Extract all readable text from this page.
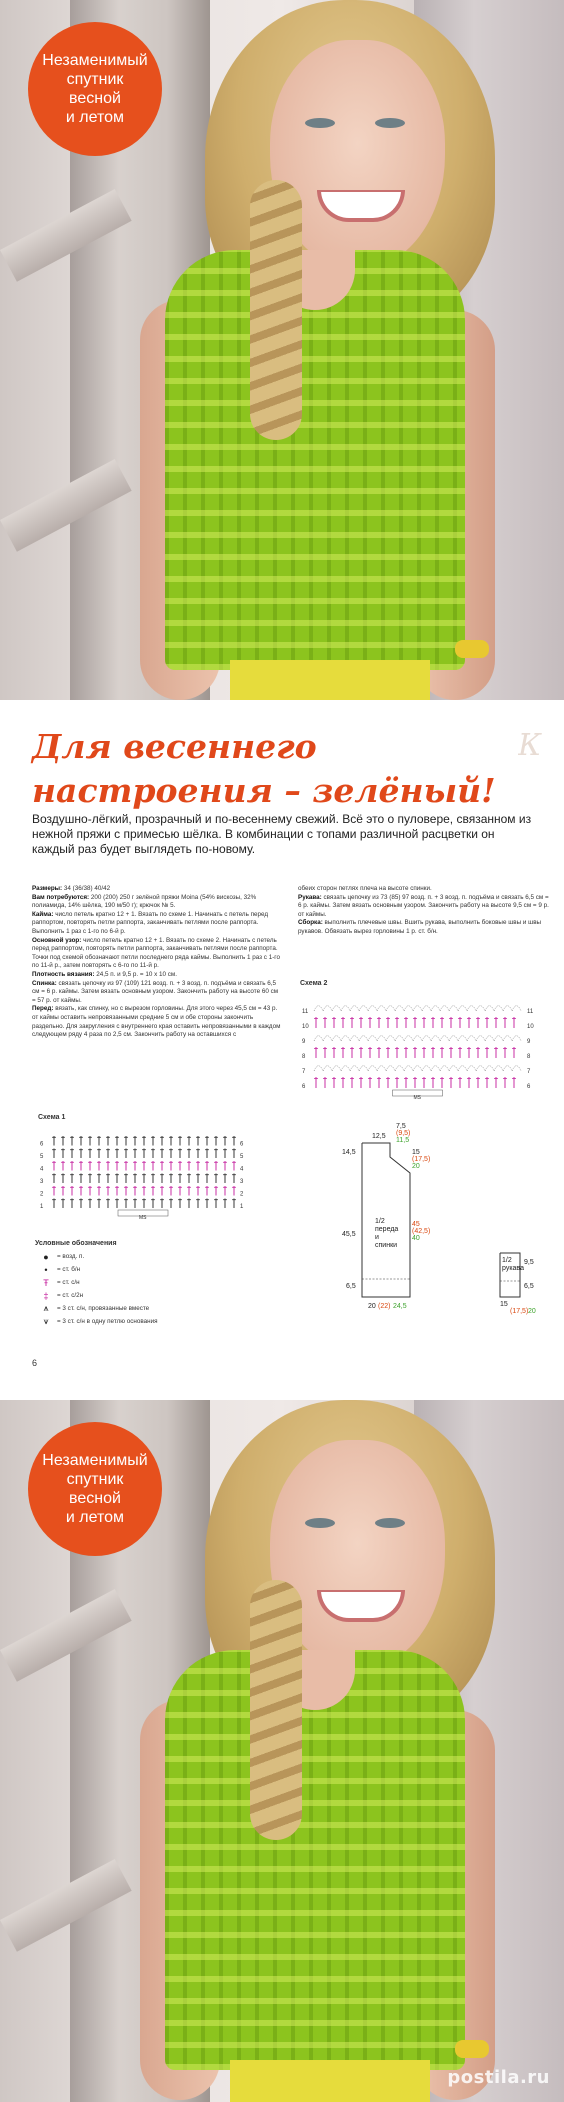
Незаменимый
спутник
весной
и летом
Для весеннего
настроения – зелёный!
К
Воздушно-лёгкий, прозрачный и по-весеннему свежий. Всё это о пуловере, связанном из нежной пряжи с примесью шёлка. В комбинации с топами различной расцветки он каждый раз будет выглядеть по-новому.

Размеры: 34 (36/38) 40/42

Вам потребуются: 200 (200) 250 г зелёной пряжи Moina (54% вискозы, 32% полиамида, 14% шёлка, 190 м/50 г); крючок № 5.

Кайма: число петель кратно 12 + 1. Вязать по схеме 1. Начинать с петель перед раппортом, повторять петли раппорта, заканчивать петлями после раппорта. Выполнить 1 раз с 1-го по 6-й р.

Основной узор: число петель кратно 12 + 1. Вязать по схеме 2. Начинать с петель перед раппортом, повторять петли раппорта, заканчивать петлями после раппорта. Точки под схемой обозначают петли последнего ряда каймы. Выполнить 1 раз с 1-го по 11-й р., затем повторять с 6-го по 11-й р.

Плотность вязания: 24,5 п. и 9,5 р. = 10 х 10 см.

Спинка: связать цепочку из 97 (109) 121 возд. п. + 3 возд. п. подъёма и связать 6,5 см = 6 р. каймы. Затем вязать основным узором. Закончить работу на высоте 60 см = 57 р. от каймы.

Перед: вязать, как спинку, но с вырезом горловины. Для этого через 45,5 см = 43 р. от каймы оставить непровязанными средние 5 см и обе стороны закончить раздельно. Для закругления с внутреннего края оставить непровязанными в каждом следующем ряду 4 раза по 2,5 см. Закончить работу на оставшихся с

обеих сторон петлях плеча на высоте спинки.

Рукава: связать цепочку из 73 (85) 97 возд. п. + 3 возд. п. подъёма и связать 6,5 см = 6 р. каймы. Затем вязать основным узором. Закончить работу на высоте 9,5 см = 9 р. от каймы.

Сборка: выполнить плечевые швы. Вшить рукава, выполнить боковые швы и швы рукавов. Обвязать вырез горловины 1 р. ст. б/н.

Схема 2
6	6
7	7
8	8
9	9
10	10
11	11
MS
Схема 1
1	1
2	2
3	3
4	4
5	5
6	6
MS
Условные обозначения
●	= возд. п.
•	= ст. б/н
Ŧ	= ст. с/н
‡	= ст. с/2н
⩚	= 3 ст. с/н, провязанные вместе
⩛	= 3 ст. с/н в одну петлю основания
7,5
(9,5)
11,5
12,5
14,5	15
(17,5)
20
45,5
45
(42,5)
40
1/2
переда
и
спинки
6,5
20 (22) 24,5
1/2
рукава
9,5
6,5
15
(17,5) 20
6
Незаменимый
спутник
весной
и летом
postila.ru
